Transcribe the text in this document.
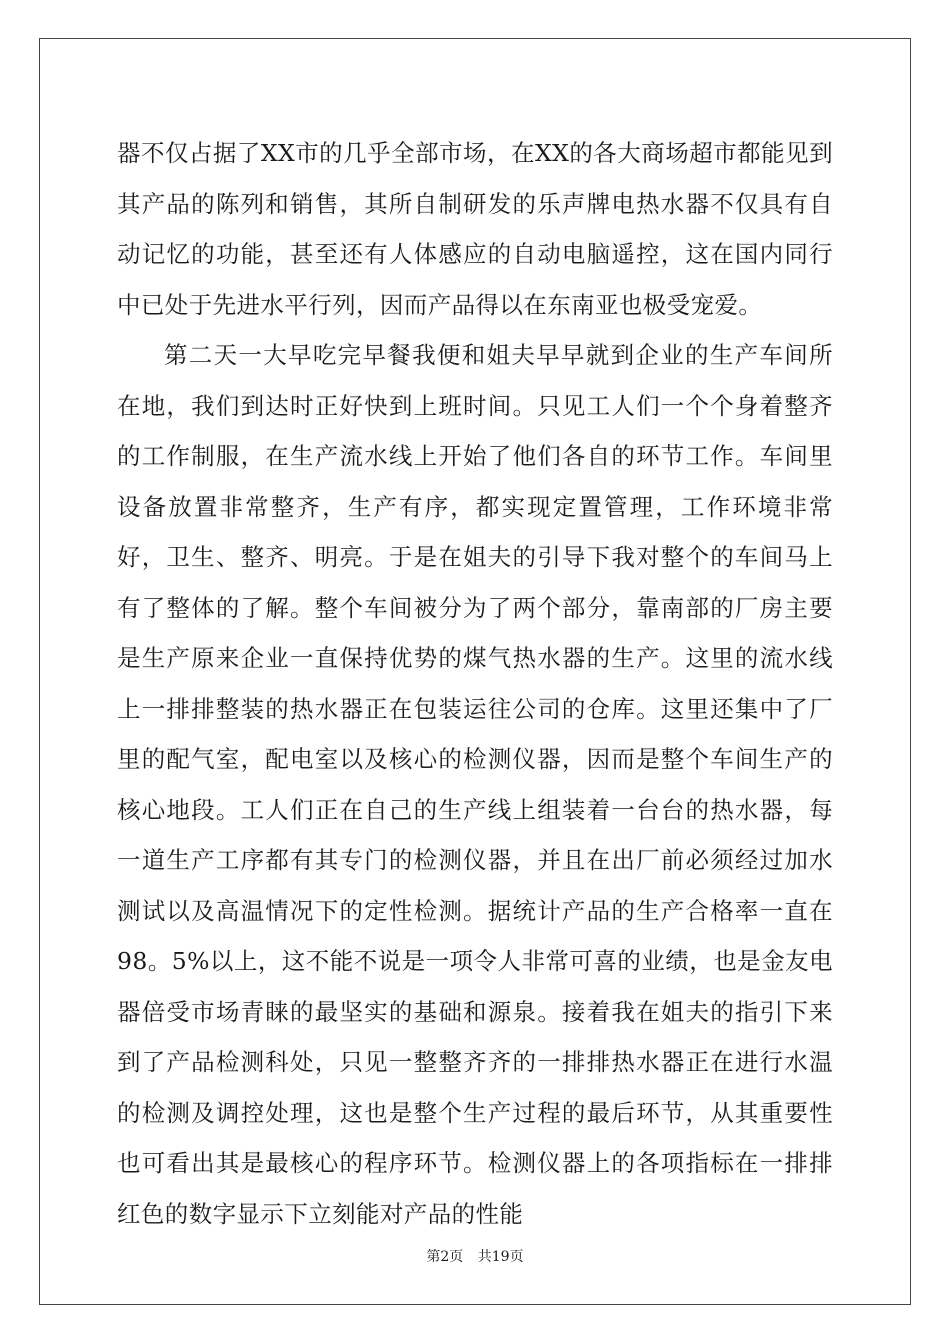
器不仅占据了XX市的几乎全部市场，在XX的各大商场超市都能见到其产品的陈列和销售，其所自制研发的乐声牌电热水器不仅具有自动记忆的功能，甚至还有人体感应的自动电脑遥控，这在国内同行中已处于先进水平行列，因而产品得以在东南亚也极受宠爱。

第二天一大早吃完早餐我便和姐夫早早就到企业的生产车间所在地，我们到达时正好快到上班时间。只见工人们一个个身着整齐的工作制服，在生产流水线上开始了他们各自的环节工作。车间里设备放置非常整齐，生产有序，都实现定置管理，工作环境非常好，卫生、整齐、明亮。于是在姐夫的引导下我对整个的车间马上有了整体的了解。整个车间被分为了两个部分，靠南部的厂房主要是生产原来企业一直保持优势的煤气热水器的生产。这里的流水线上一排排整装的热水器正在包装运往公司的仓库。这里还集中了厂里的配气室，配电室以及核心的检测仪器，因而是整个车间生产的核心地段。工人们正在自己的生产线上组装着一台台的热水器，每一道生产工序都有其专门的检测仪器，并且在出厂前必须经过加水测试以及高温情况下的定性检测。据统计产品的生产合格率一直在98。5%以上，这不能不说是一项令人非常可喜的业绩，也是金友电器倍受市场青睐的最坚实的基础和源泉。接着我在姐夫的指引下来到了产品检测科处，只见一整整齐齐的一排排热水器正在进行水温的检测及调控处理，这也是整个生产过程的最后环节，从其重要性也可看出其是最核心的程序环节。检测仪器上的各项指标在一排排红色的数字显示下立刻能对产品的性能

第2页 共19页
